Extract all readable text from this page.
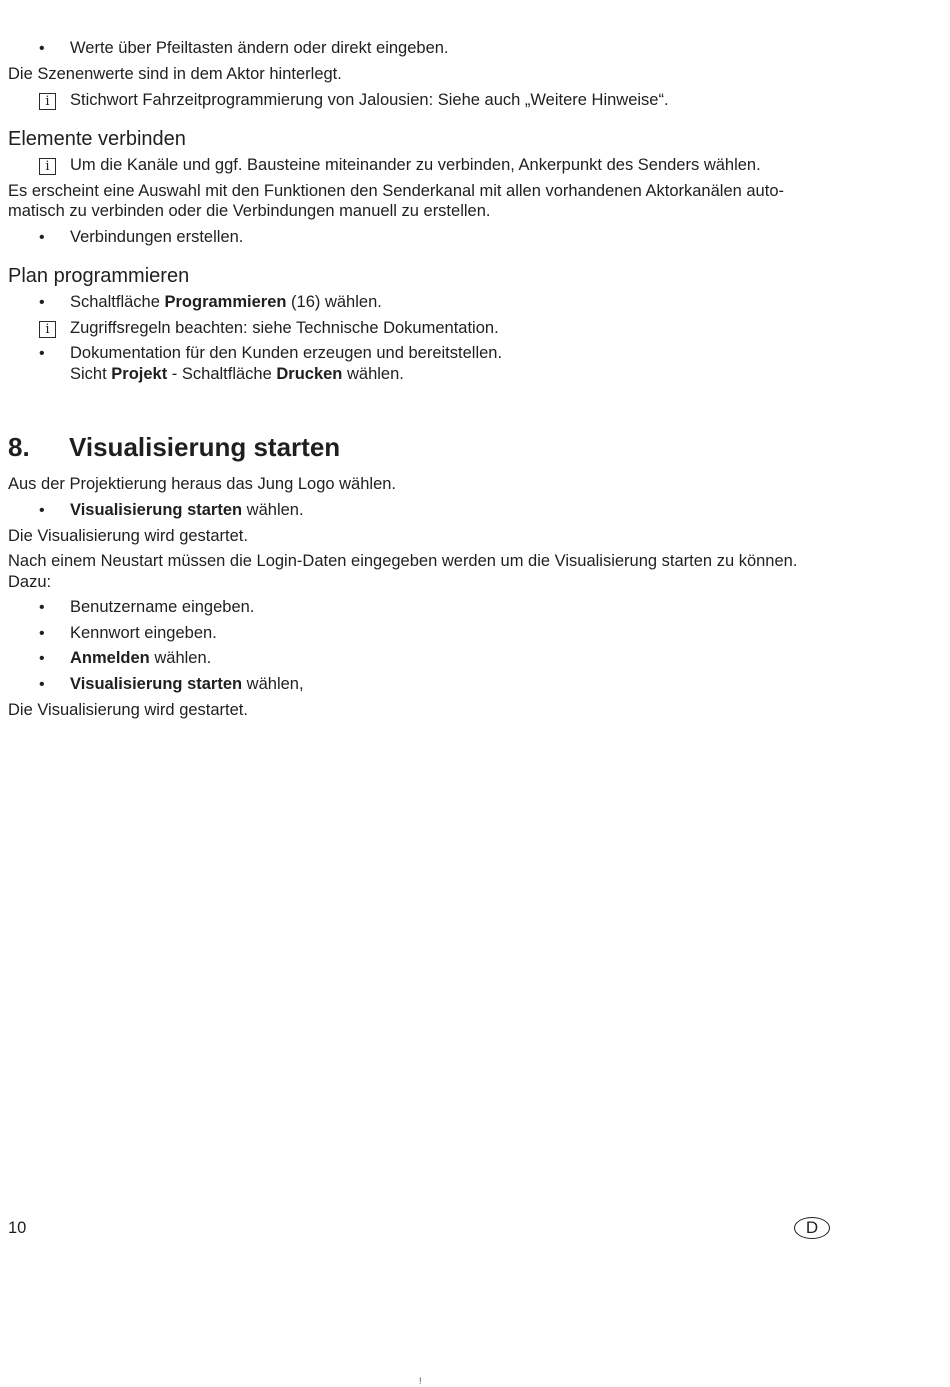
•	Werte über Pfeiltasten ändern oder direkt eingeben.
Die Szenenwerte sind in dem Aktor hinterlegt.
i	Stichwort Fahrzeitprogrammierung von Jalousien: Siehe auch „Weitere Hinweise“.
Elemente verbinden
i	Um die Kanäle und ggf. Bausteine miteinander zu verbinden, Ankerpunkt des Senders wählen.
Es erscheint eine Auswahl mit den Funktionen den Senderkanal mit allen vorhandenen Aktorkanälen auto-
matisch zu verbinden oder die Verbindungen manuell zu erstellen.
•	Verbindungen erstellen.
Plan programmieren
•	Schaltfläche Programmieren (16) wählen.
i	Zugriffsregeln beachten: siehe Technische Dokumentation.
•	Dokumentation für den Kunden erzeugen und bereitstellen.
Sicht Projekt - Schaltfläche Drucken wählen.
8. Visualisierung starten
Aus der Projektierung heraus das Jung Logo wählen.
•	Visualisierung starten wählen.
Die Visualisierung wird gestartet.
Nach einem Neustart müssen die Login-Daten eingegeben werden um die Visualisierung starten zu können.
Dazu:
•	Benutzername eingeben.
•	Kennwort eingeben.
•	Anmelden wählen.
•	Visualisierung starten wählen,
Die Visualisierung wird gestartet.
10	D
!
